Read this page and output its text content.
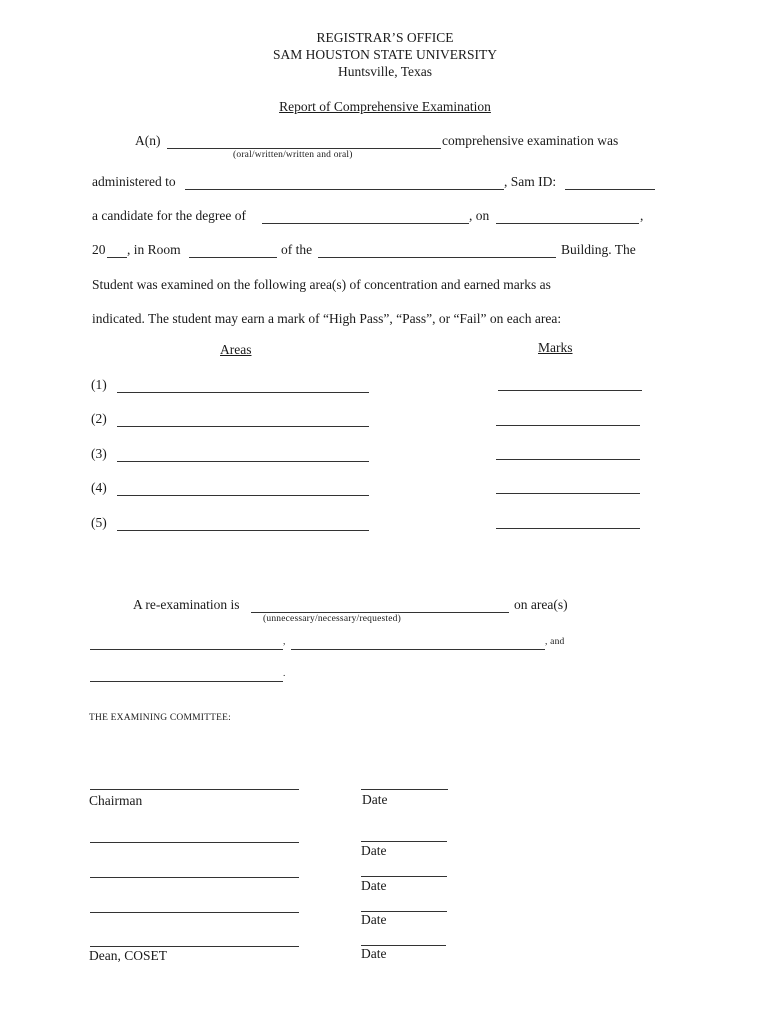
REGISTRAR’S OFFICE
SAM HOUSTON STATE UNIVERSITY
Huntsville, Texas
Report of Comprehensive Examination
A(n)	comprehensive examination was
(oral/written/written and oral)
administered to	, Sam ID:
a candidate for the degree of	, on	,
20 , in Room	of the	Building. The
Student was examined on the following area(s) of concentration and earned marks as
indicated. The student may earn a mark of “High Pass”, “Pass”, or “Fail” on each area:
Areas	Marks
(1)
(2)
(3)
(4)
(5)
A re-examination is	on area(s)
(unnecessary/necessary/requested)
,	, and
.
THE EXAMINING COMMITTEE:
Chairman	Date
Date
Date
Date
Dean, COSET	Date
